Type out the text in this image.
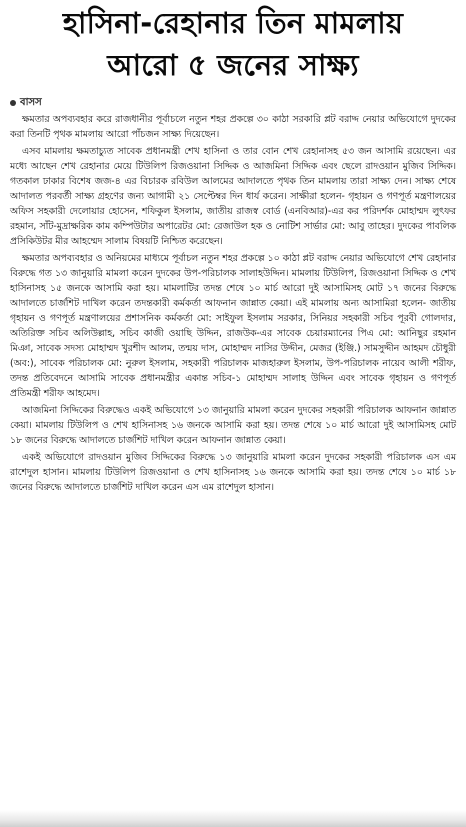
হাসিনা-রেহানার তিন মামলায়
আরো ৫ জনের সাক্ষ্য
বাসস

ক্ষমতার অপব্যবহার করে রাজধানীর পূর্বাচলে নতুন শহর প্রকল্পে ৩০ কাঠা সরকারি প্লট বরাদ্দ নেয়ার অভিযোগে দুদকের করা তিনটি পৃথক মামলায় আরো পাঁচজন সাক্ষ্য দিয়েছেন।

এসব মামলায় ক্ষমতাচ্যুত সাবেক প্রধানমন্ত্রী শেখ হাসিনা ও তার বোন শেখ রেহানাসহ ৫৩ জন আসামি রয়েছেন। এর মধ্যে আছেন শেখ রেহানার মেয়ে টিউলিপ রিজওয়ানা সিদ্দিক ও আজমিনা সিদ্দিক এবং ছেলে রাদওয়ান মুজিব সিদ্দিক। গতকাল ঢাকার বিশেষ জজ-৪ এর বিচারক রবিউল আলমের আদালতে পৃথক তিন মামলায় তারা সাক্ষ্য দেন। সাক্ষ্য শেষে আদালত পরবর্তী সাক্ষ্য গ্রহণের জন্য আগামী ২১ সেপ্টেম্বর দিন ধার্য করেন। সাক্ষীরা হলেন- গৃহায়ন ও গণপূর্ত মন্ত্রণালয়ের অফিস সহকারী দেলোয়ার হোসেন, শফিকুল ইসলাম, জাতীয় রাজস্ব বোর্ড (এনবিআর)-এর কর পরিদর্শক মোহাম্মদ লুৎফর রহমান, সাঁট-মুদ্রাক্ষরিক কাম কম্পিউটার অপারেটর মো: রেজাউল হক ও নোটিশ সার্ভার মো: আবু তাহের। দুদকের পাবলিক প্রসিকিউটর মীর আহম্মেদ সালাম বিষয়টি নিশ্চিত করেছেন।

ক্ষমতার অপব্যবহার ও অনিয়মের মাধ্যমে পূর্বাচল নতুন শহর প্রকল্পে ১০ কাঠা প্লট বরাদ্দ নেয়ার অভিযোগে শেখ রেহানার বিরুদ্ধে গত ১৩ জানুয়ারি মামলা করেন দুদকের উপ-পরিচালক সালাহউদ্দিন। মামলায় টিউলিপ, রিজওয়ানা সিদ্দিক ও শেখ হাসিনাসহ ১৫ জনকে আসামি করা হয়। মামলাটির তদন্ত শেষে ১০ মার্চ আরো দুই আসামিসহ মোট ১৭ জনের বিরুদ্ধে আদালতে চার্জশিট দাখিল করেন তদন্তকারী কর্মকর্তা আফনান জান্নাত কেয়া। এই মামলায় অন্য আসামিরা হলেন- জাতীয় গৃহায়ন ও গণপূর্ত মন্ত্রণালয়ের প্রশাসনিক কর্মকর্তা মো: সাইফুল ইসলাম সরকার, সিনিয়র সহকারী সচিব পূরবী গোলদার, অতিরিক্ত সচিব অলিউল্লাহ, সচিব কাজী ওয়াছি উদ্দিন, রাজউক-এর সাবেক চেয়ারম্যানের পিএ মো: আনিছুর রহমান মিঞা, সাবেক সদস্য মোহাম্মদ খুরশীদ আলম, তন্ময় দাস, মোহাম্মদ নাসির উদ্দীন, মেজর (ইঞ্জি.) সামসুদ্দীন আহমদ চৌধুরী (অব:), সাবেক পরিচালক মো: নুরুল ইসলাম, সহকারী পরিচালক মাজহারুল ইসলাম, উপ-পরিচালক নায়েব আলী শরীফ, তদন্ত প্রতিবেদনে আসামি সাবেক প্রধানমন্ত্রীর একান্ত সচিব-১ মোহাম্মদ সালাহ উদ্দিন এবং সাবেক গৃহায়ন ও গণপূর্ত প্রতিমন্ত্রী শরীফ আহমেদ।

আজমিনা সিদ্দিকের বিরুদ্ধেও একই অভিযোগে ১৩ জানুয়ারি মামলা করেন দুদকের সহকারী পরিচালক আফনান জান্নাত কেয়া। মামলায় টিউলিপ ও শেখ হাসিনাসহ ১৬ জনকে আসামি করা হয়। তদন্ত শেষে ১০ মার্চ আরো দুই আসামিসহ মোট ১৮ জনের বিরুদ্ধে আদালতে চার্জশিট দাখিল করেন আফনান জান্নাত কেয়া।

একই অভিযোগে রাদওয়ান মুজিব সিদ্দিকের বিরুদ্ধে ১৩ জানুয়ারি মামলা করেন দুদকের সহকারী পরিচালক এস এম রাশেদুল হাসান। মামলায় টিউলিপ রিজওয়ানা ও শেখ হাসিনাসহ ১৬ জনকে আসামি করা হয়। তদন্ত শেষে ১০ মার্চ ১৮ জনের বিরুদ্ধে আদালতে চার্জশিট দাখিল করেন এস এম রাশেদুল হাসান।
